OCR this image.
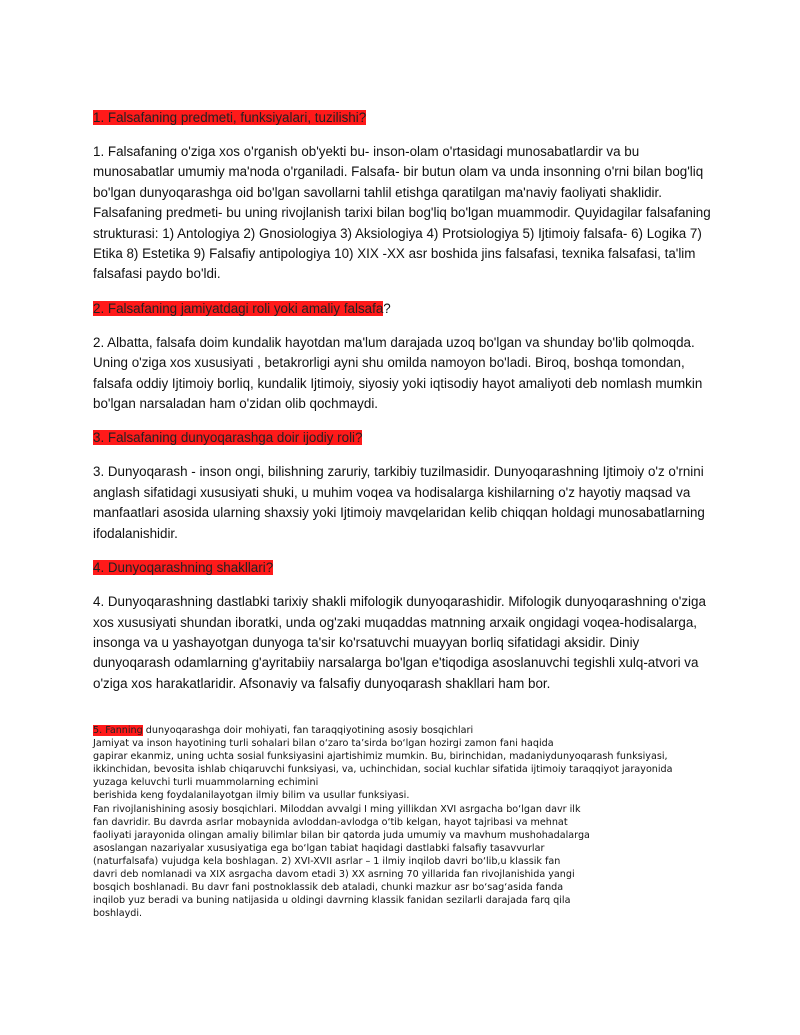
1. Falsafaning predmeti, funksiyalari, tuzilishi?

1. Falsafaning o'ziga xos o'rganish ob'yekti bu- inson-olam o'rtasidagi munosabatlardir va bu munosabatlar umumiy ma'noda o'rganiladi. Falsafa- bir butun olam va unda insonning o'rni bilan bog'liq bo'lgan dunyoqarashga oid bo'lgan savollarni tahlil etishga qaratilgan ma'naviy faoliyati shaklidir. Falsafaning predmeti- bu uning rivojlanish tarixi bilan bog'liq bo'lgan muammodir. Quyidagilar falsafaning strukturasi: 1) Antologiya 2) Gnosiologiya 3) Aksiologiya 4) Protsiologiya 5) Ijtimoiy falsafa- 6) Logika 7) Etika 8) Estetika 9) Falsafiy antipologiya 10) XIX -XX asr boshida jins falsafasi, texnika falsafasi, ta'lim falsafasi paydo bo'ldi.

2. Falsafaning jamiyatdagi roli yoki amaliy falsafa?

2. Albatta, falsafa doim kundalik hayotdan ma'lum darajada uzoq bo'lgan va shunday bo'lib qolmoqda. Uning o'ziga xos xususiyati , betakrorligi ayni shu omilda namoyon bo'ladi. Biroq, boshqa tomondan, falsafa oddiy Ijtimoiy borliq, kundalik Ijtimoiy, siyosiy yoki iqtisodiy hayot amaliyoti deb nomlash mumkin bo'lgan narsaladan ham o'zidan olib qochmaydi.

3. Falsafaning dunyoqarashga doir ijodiy roli?

3. Dunyoqarash - inson ongi, bilishning zaruriy, tarkibiy tuzilmasidir. Dunyoqarashning Ijtimoiy o'z o'rnini anglash sifatidagi xususiyati shuki, u muhim voqea va hodisalarga kishilarning o'z hayotiy maqsad va manfaatlari asosida ularning shaxsiy yoki Ijtimoiy mavqelaridan kelib chiqqan holdagi munosabatlarning ifodalanishidir.

4. Dunyoqarashning shakllari?

4. Dunyoqarashning dastlabki tarixiy shakli mifologik dunyoqarashidir. Mifologik dunyoqarashning o'ziga xos xususiyati shundan iboratki, unda og'zaki muqaddas matnning arxaik ongidagi voqea-hodisalarga, insonga va u yashayotgan dunyoga ta'sir ko'rsatuvchi muayyan borliq sifatidagi aksidir. Diniy dunyoqarash odamlarning g'ayritabiiy narsalarga bo'lgan e'tiqodiga asoslanuvchi tegishli xulq-atvori va o'ziga xos harakatlaridir. Afsonaviy va falsafiy dunyoqarash shakllari ham bor.

5. Fanning dunyoqarashga doir mohiyati, fan taraqqiyotining asosiy bosqichlari
Jamiyat va inson hayotining turli sohalari bilan o‘zaro ta’sirda bo‘lgan hozirgi zamon fani haqida
gapirar ekanmiz, uning uchta sosial funksiyasini ajartishimiz mumkin. Bu, birinchidan, madaniydunyoqarash funksiyasi,
ikkinchidan, bevosita ishlab chiqaruvchi funksiyasi, va, uchinchidan, social kuchlar sifatida ijtimoiy taraqqiyot jarayonida
yuzaga keluvchi turli muammolarning echimini
berishida keng foydalanilayotgan ilmiy bilim va usullar funksiyasi.
Fan rivojlanishining asosiy bosqichlari. Miloddan avvalgi I ming yillikdan XVI asrgacha bo‘lgan davr ilk
fan davridir. Bu davrda asrlar mobaynida avloddan-avlodga o‘tib kelgan, hayot tajribasi va mehnat
faoliyati jarayonida olingan amaliy bilimlar bilan bir qatorda juda umumiy va mavhum mushohadalarga
asoslangan nazariyalar xususiyatiga ega bo‘lgan tabiat haqidagi dastlabki falsafiy tasavvurlar
(naturfalsafa) vujudga kela boshlagan. 2) XVI-XVII asrlar – 1 ilmiy inqilob davri bo‘lib,u klassik fan
davri deb nomlanadi va XIX asrgacha davom etadi 3) XX asrning 70 yillarida fan rivojlanishida yangi
bosqich boshlanadi. Bu davr fani postnoklassik deb ataladi, chunki mazkur asr bo‘sag‘asida fanda
inqilob yuz beradi va buning natijasida u oldingi davrning klassik fanidan sezilarli darajada farq qila
boshlaydi.
